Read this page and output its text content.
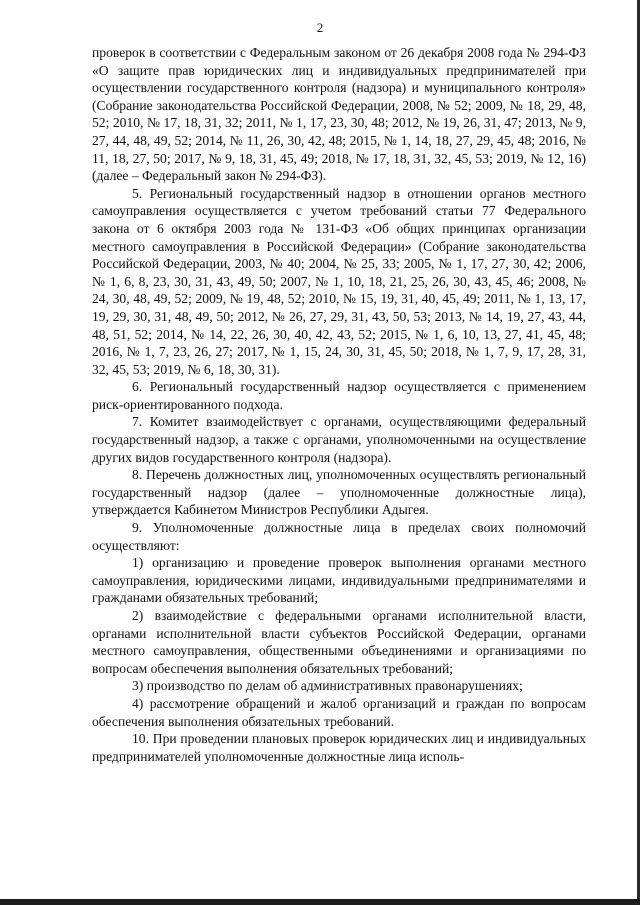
2

проверок в соответствии с Федеральным законом от 26 декабря 2008 года № 294-ФЗ «О защите прав юридических лиц и индивидуальных предпринимателей при осуществлении государственного контроля (надзора) и муниципального контроля» (Собрание законодательства Российской Федерации, 2008, № 52; 2009, № 18, 29, 48, 52; 2010, № 17, 18, 31, 32; 2011, № 1, 17, 23, 30, 48; 2012, № 19, 26, 31, 47; 2013, № 9, 27, 44, 48, 49, 52; 2014, № 11, 26, 30, 42, 48; 2015, № 1, 14, 18, 27, 29, 45, 48; 2016, № 11, 18, 27, 50; 2017, № 9, 18, 31, 45, 49; 2018, № 17, 18, 31, 32, 45, 53; 2019, № 12, 16) (далее – Федеральный закон № 294-ФЗ).

5. Региональный государственный надзор в отношении органов местного самоуправления осуществляется с учетом требований статьи 77 Федерального закона от 6 октября 2003 года № 131-ФЗ «Об общих принципах организации местного самоуправления в Российской Федерации» (Собрание законодательства Российской Федерации, 2003, № 40; 2004, № 25, 33; 2005, № 1, 17, 27, 30, 42; 2006, № 1, 6, 8, 23, 30, 31, 43, 49, 50; 2007, № 1, 10, 18, 21, 25, 26, 30, 43, 45, 46; 2008, № 24, 30, 48, 49, 52; 2009, № 19, 48, 52; 2010, № 15, 19, 31, 40, 45, 49; 2011, № 1, 13, 17, 19, 29, 30, 31, 48, 49, 50; 2012, № 26, 27, 29, 31, 43, 50, 53; 2013, № 14, 19, 27, 43, 44, 48, 51, 52; 2014, № 14, 22, 26, 30, 40, 42, 43, 52; 2015, № 1, 6, 10, 13, 27, 41, 45, 48; 2016, № 1, 7, 23, 26, 27; 2017, № 1, 15, 24, 30, 31, 45, 50; 2018, № 1, 7, 9, 17, 28, 31, 32, 45, 53; 2019, № 6, 18, 30, 31).

6. Региональный государственный надзор осуществляется с применением риск-ориентированного подхода.

7. Комитет взаимодействует с органами, осуществляющими федеральный государственный надзор, а также с органами, уполномоченными на осуществление других видов государственного контроля (надзора).

8. Перечень должностных лиц, уполномоченных осуществлять региональный государственный надзор (далее – уполномоченные должностные лица), утверждается Кабинетом Министров Республики Адыгея.

9. Уполномоченные должностные лица в пределах своих полномочий осуществляют:

1) организацию и проведение проверок выполнения органами местного самоуправления, юридическими лицами, индивидуальными предпринимателями и гражданами обязательных требований;

2) взаимодействие с федеральными органами исполнительной власти, органами исполнительной власти субъектов Российской Федерации, органами местного самоуправления, общественными объединениями и организациями по вопросам обеспечения выполнения обязательных требований;

3) производство по делам об административных правонарушениях;

4) рассмотрение обращений и жалоб организаций и граждан по вопросам обеспечения выполнения обязательных требований.

10. При проведении плановых проверок юридических лиц и индивидуальных предпринимателей уполномоченные должностные лица исполь-
